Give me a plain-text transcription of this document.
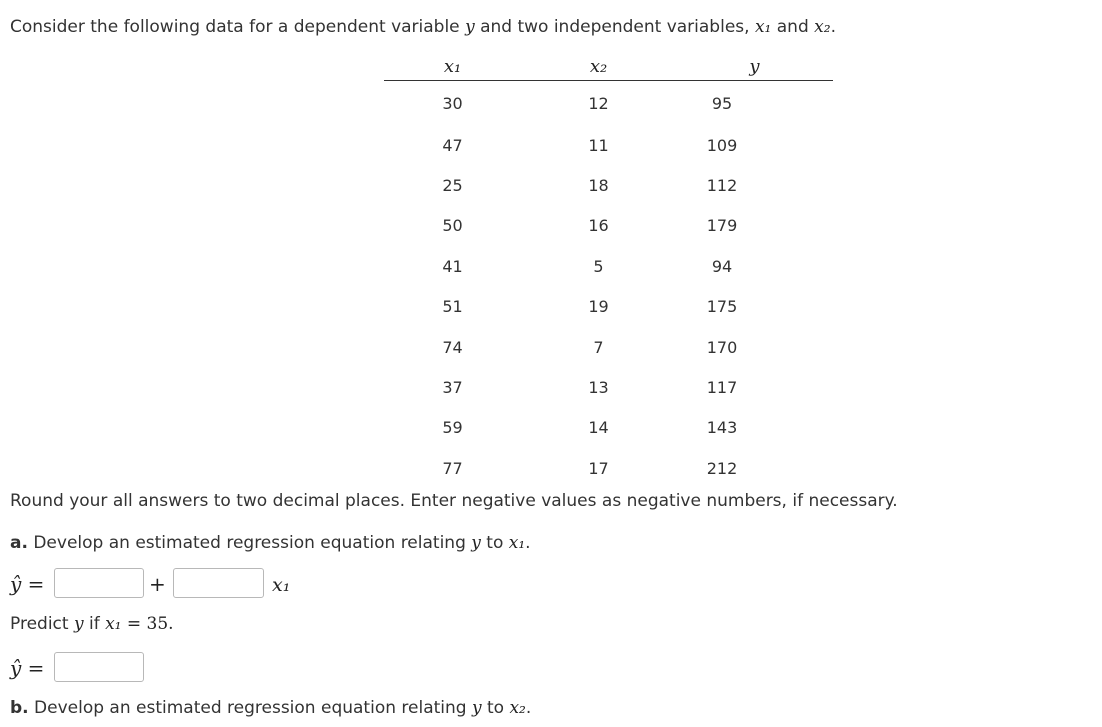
Consider the following data for a dependent variable y and two independent variables, x₁ and x₂.
x₁	x₂	y
30	12	95
47	11	109
25	18	112
50	16	179
41	5	94
51	19	175
74	7	170
37	13	117
59	14	143
77	17	212
Round your all answers to two decimal places. Enter negative values as negative numbers, if necessary.
a. Develop an estimated regression equation relating y to x₁.
ŷ =	+	x₁
Predict y if x₁ = 35.
ŷ =
b. Develop an estimated regression equation relating y to x₂.
